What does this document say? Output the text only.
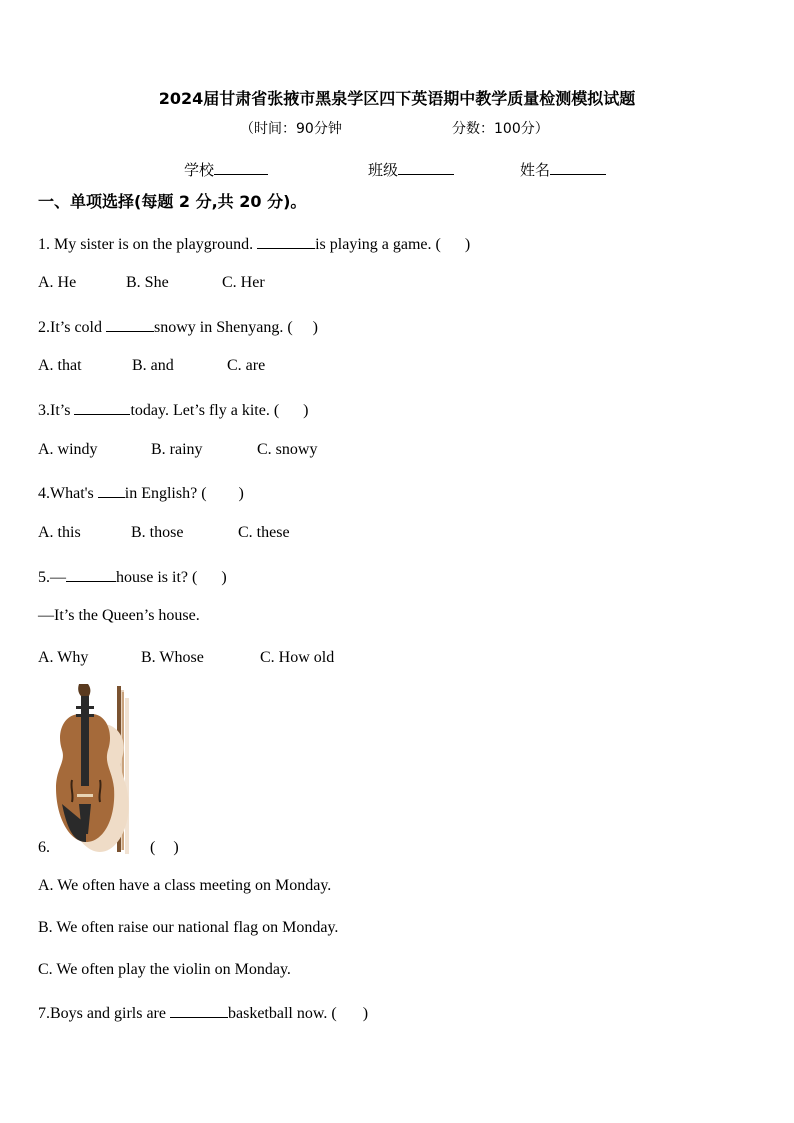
2024届甘肃省张掖市黑泉学区四下英语期中教学质量检测模拟试题
（时间：90分钟	分数：100分）
学校	班级	姓名
一、单项选择(每题 2 分,共 20 分)。
1. My sister is on the playground.	is playing a game. ( )
A. He	B. She	C. Her
2.It’s cold	snowy in Shenyang. ( )
A. that	B. and	C. are
3.It’s	today. Let’s fly a kite. ( )
A. windy	B. rainy	C. snowy
4.What's in English? ( )
A. this	B. those	C. these
5.—	house is it? ( )
—It’s the Queen’s house.
A. Why	B. Whose	C. How old
6.	( )
A. We often have a class meeting on Monday.
B. We often raise our national flag on Monday.
C. We often play the violin on Monday.
7.Boys and girls are	basketball now. ( )
